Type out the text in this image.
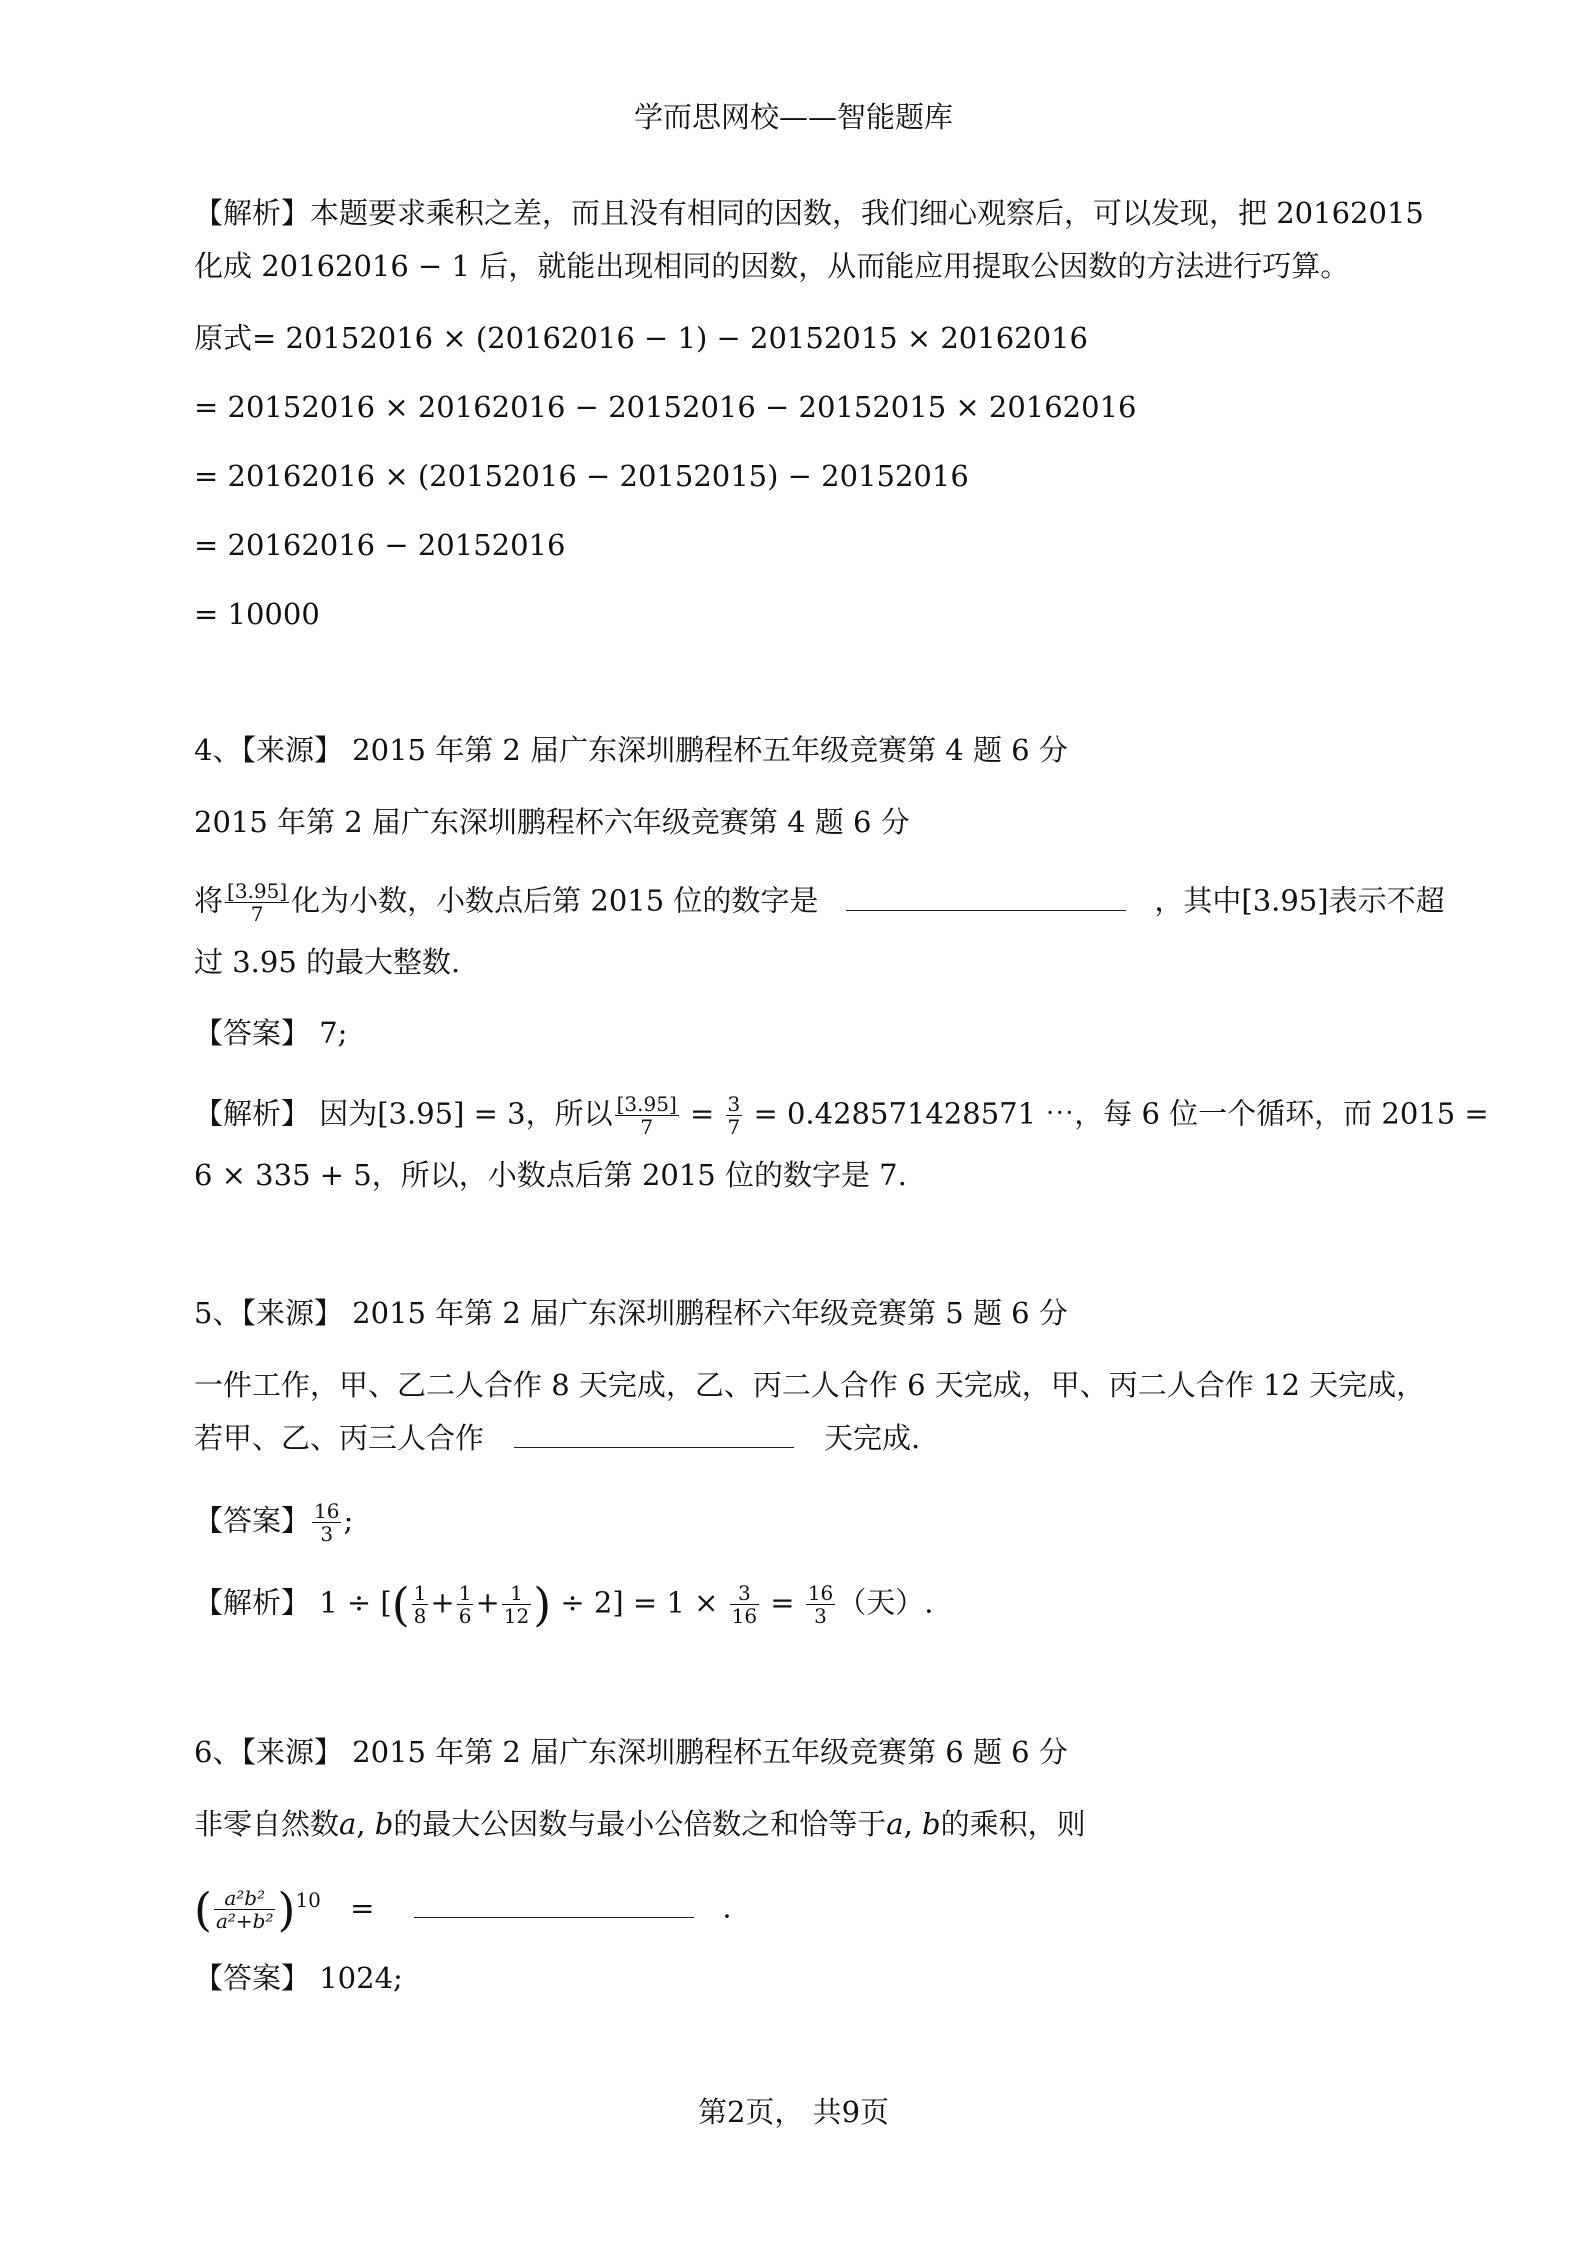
学而思网校——智能题库
【解析】本题要求乘积之差，而且没有相同的因数，我们细心观察后，可以发现，把 20162015
化成 20162016 − 1 后，就能出现相同的因数，从而能应用提取公因数的方法进行巧算。
原式= 20152016 × (20162016 − 1) − 20152015 × 20162016
= 20152016 × 20162016 − 20152016 − 20152015 × 20162016
= 20162016 × (20152016 − 20152015) − 20152016
= 20162016 − 20152016
= 10000
4、【来源】 2015 年第 2 届广东深圳鹏程杯五年级竞赛第 4 题 6 分
2015 年第 2 届广东深圳鹏程杯六年级竞赛第 4 题 6 分
将 $\frac{[3.95]}{7}$ 化为小数，小数点后第 2015 位的数字是	，其中[3.95]表示不超
过 3.95 的最大整数.
【答案】 7;
【解析】 因为[3.95] = 3，所以 $\frac{[3.95]}{7} = \frac{3}{7} = 0.428571428571$ ⋯，每 6 位一个循环，而 2015 =
6 × 335 + 5，所以，小数点后第 2015 位的数字是 7.
5、【来源】 2015 年第 2 届广东深圳鹏程杯六年级竞赛第 5 题 6 分
一件工作，甲、乙二人合作 8 天完成，乙、丙二人合作 6 天完成，甲、丙二人合作 12 天完成，
若甲、乙、丙三人合作	天完成.
【答案】 $\frac{16}{3}$ ;
【解析】 1 ÷ [( $\frac{1}{8} + \frac{1}{6} + \frac{1}{12}$ ) ÷ $2] = 1 \times \frac{3}{16} = \frac{16}{3}$ （天）.
6、【来源】 2015 年第 2 届广东深圳鹏程杯五年级竞赛第 6 题 6 分
非零自然数𝑎, 𝑏的最大公因数与最小公倍数之和恰等于𝑎, 𝑏的乘积，则
( $\frac{\text{a²b²}}{\text{a²+b²}} )^{10}$ =	.
【答案】 1024;
第2页， 共9页
